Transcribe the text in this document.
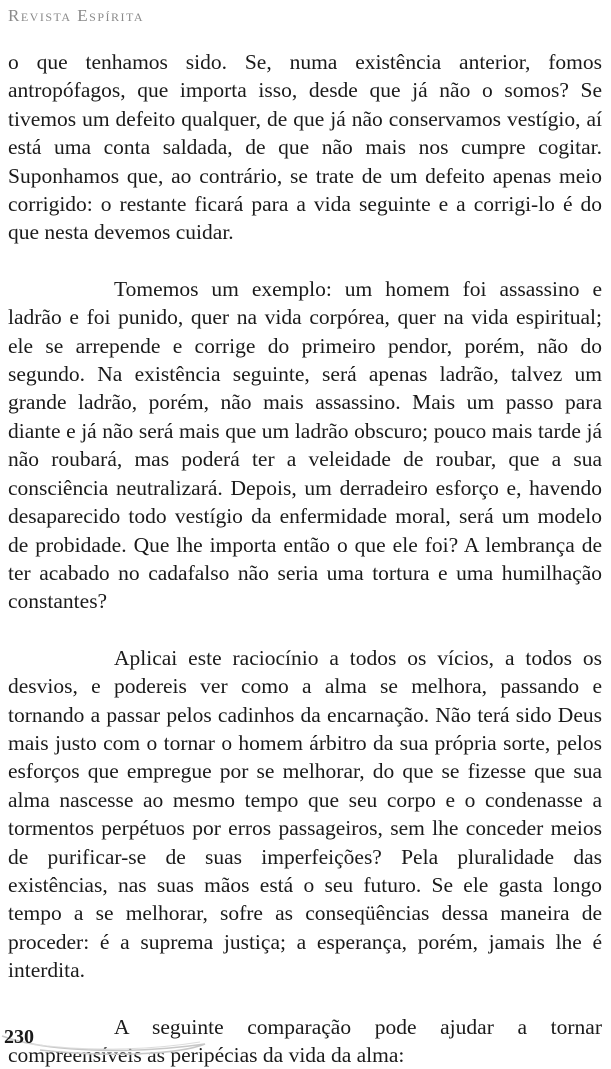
Revista Espírita

o que tenhamos sido. Se, numa existência anterior, fomos antropófagos, que importa isso, desde que já não o somos? Se tivemos um defeito qualquer, de que já não conservamos vestígio, aí está uma conta saldada, de que não mais nos cumpre cogitar. Suponhamos que, ao contrário, se trate de um defeito apenas meio corrigido: o restante ficará para a vida seguinte e a corrigi-lo é do que nesta devemos cuidar.

Tomemos um exemplo: um homem foi assassino e ladrão e foi punido, quer na vida corpórea, quer na vida espiritual; ele se arrepende e corrige do primeiro pendor, porém, não do segundo. Na existência seguinte, será apenas ladrão, talvez um grande ladrão, porém, não mais assassino. Mais um passo para diante e já não será mais que um ladrão obscuro; pouco mais tarde já não roubará, mas poderá ter a veleidade de roubar, que a sua consciência neutralizará. Depois, um derradeiro esforço e, havendo desaparecido todo vestígio da enfermidade moral, será um modelo de probidade. Que lhe importa então o que ele foi? A lembrança de ter acabado no cadafalso não seria uma tortura e uma humilhação constantes?

Aplicai este raciocínio a todos os vícios, a todos os desvios, e podereis ver como a alma se melhora, passando e tornando a passar pelos cadinhos da encarnação. Não terá sido Deus mais justo com o tornar o homem árbitro da sua própria sorte, pelos esforços que empregue por se melhorar, do que se fizesse que sua alma nascesse ao mesmo tempo que seu corpo e o condenasse a tormentos perpétuos por erros passageiros, sem lhe conceder meios de purificar-se de suas imperfeições? Pela pluralidade das existências, nas suas mãos está o seu futuro. Se ele gasta longo tempo a se melhorar, sofre as conseqüências dessa maneira de proceder: é a suprema justiça; a esperança, porém, jamais lhe é interdita.

A seguinte comparação pode ajudar a tornar compreensíveis as peripécias da vida da alma:

230
